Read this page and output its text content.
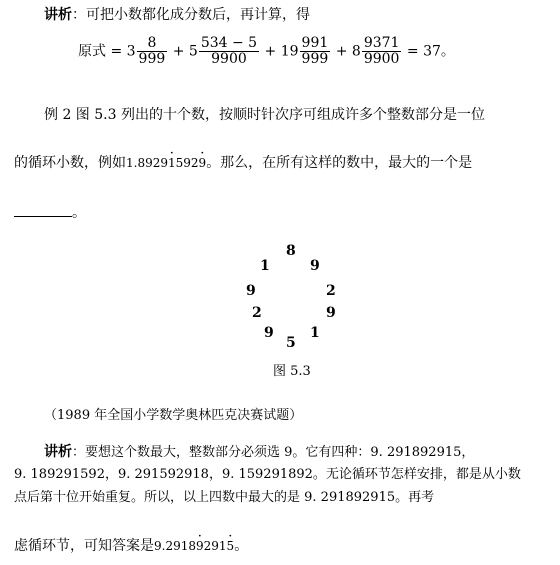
讲析：可把小数都化成分数后，再计算，得
原式 = $3 \frac{8}{999} + 5 \frac{534 - 5}{9900} + 19 \frac{991}{999} + 8 \frac{9371}{9900} = 37$。
例 2 图 5.3 列出的十个数，按顺时针次序可组成许多个整数部分是一位
的循环小数，例如1.8929· 1592· 9。那么，在所有这样的数中，最大的一个是
。
8
9
2
9
1
5
9
2
9
1
图 5.3
（1989 年全国小学数学奥林匹克决赛试题）
讲析：要想这个数最大，整数部分必须选 9。它有四种：9. 291892915，
9. 189291592，9. 291592918，9. 159291892。无论循环节怎样安排，都是从小数
点后第十位开始重复。所以，以上四数中最大的是 9. 291892915。再考
虑循环节，可知答案是9.2918· 9291· 5。
